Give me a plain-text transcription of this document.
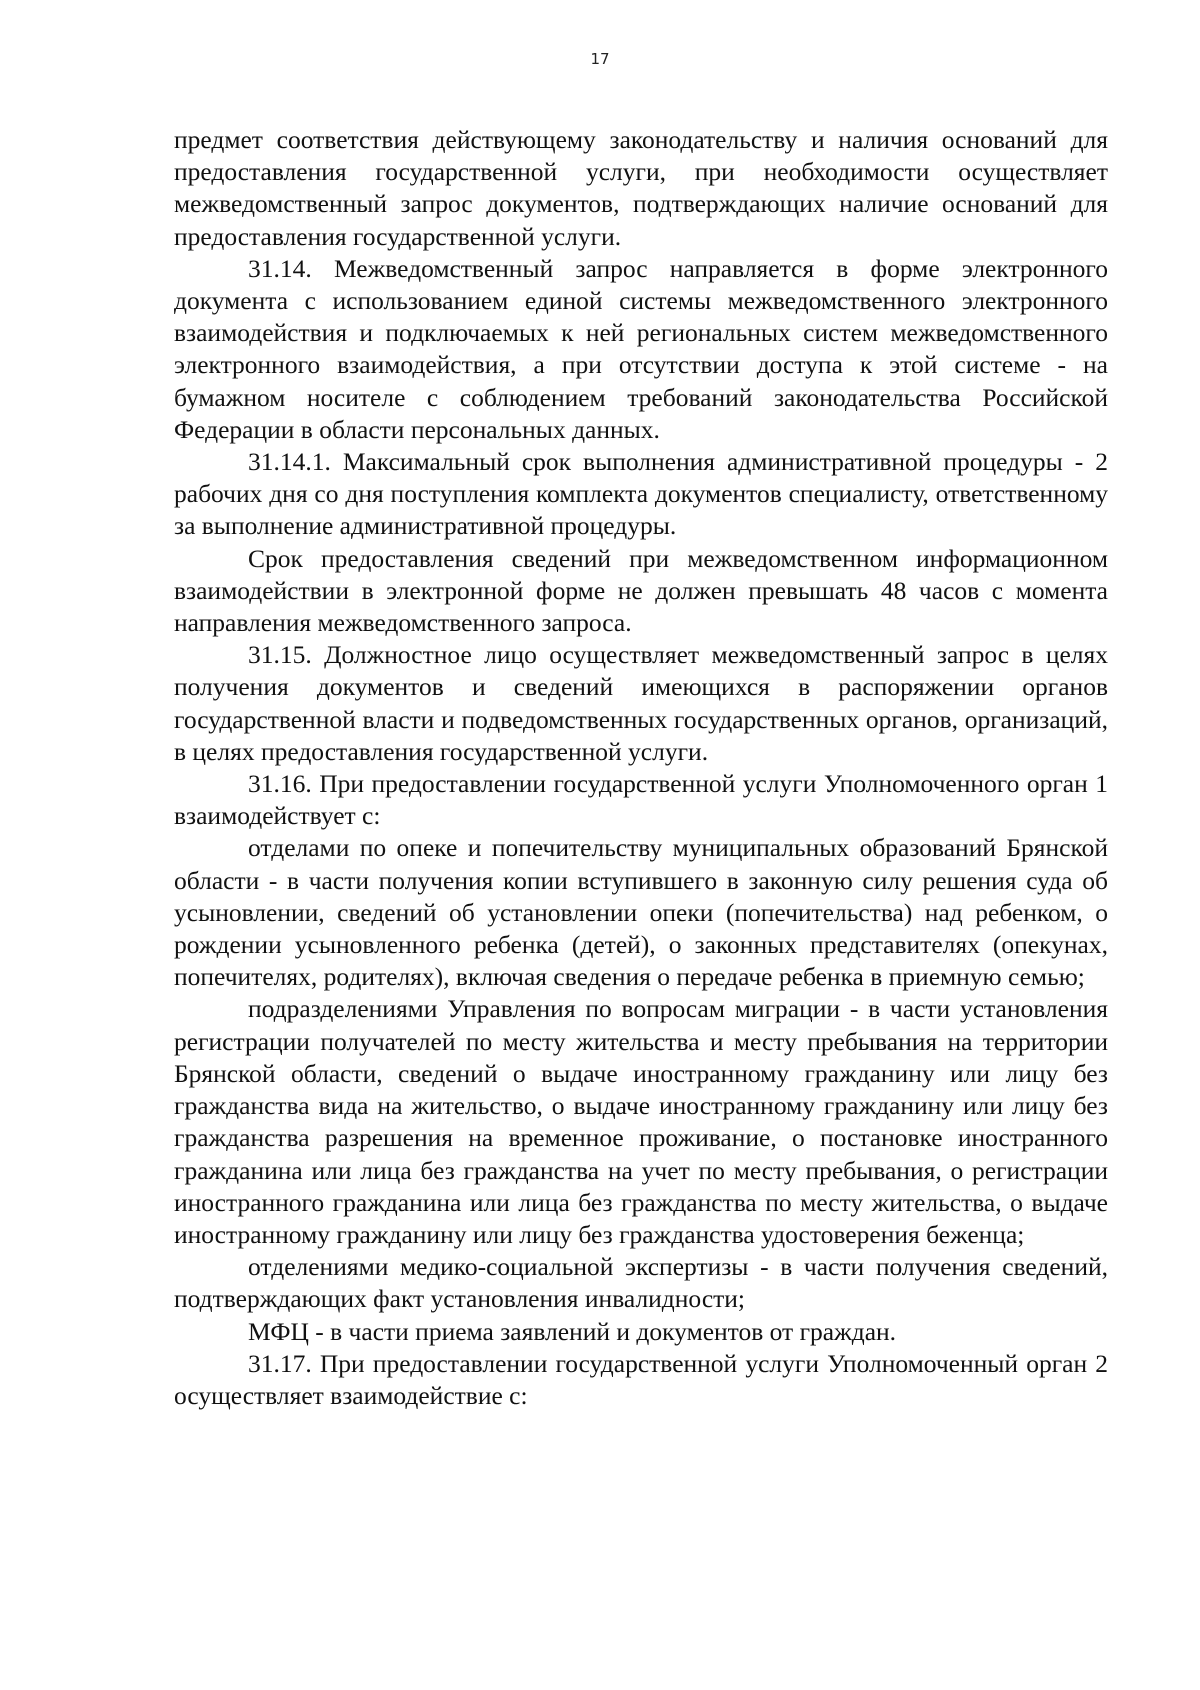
17

предмет соответствия действующему законодательству и наличия оснований для предоставления государственной услуги, при необходимости осуществляет межведомственный запрос документов, подтверждающих наличие оснований для предоставления государственной услуги.

31.14. Межведомственный запрос направляется в форме электронного документа с использованием единой системы межведомственного электронного взаимодействия и подключаемых к ней региональных систем межведомственного электронного взаимодействия, а при отсутствии доступа к этой системе - на бумажном носителе с соблюдением требований законодательства Российской Федерации в области персональных данных.

31.14.1. Максимальный срок выполнения административной процедуры - 2 рабочих дня со дня поступления комплекта документов специалисту, ответственному за выполнение административной процедуры.

Срок предоставления сведений при межведомственном информационном взаимодействии в электронной форме не должен превышать 48 часов с момента направления межведомственного запроса.

31.15. Должностное лицо осуществляет межведомственный запрос в целях получения документов и сведений имеющихся в распоряжении органов государственной власти и подведомственных государственных органов, организаций, в целях предоставления государственной услуги.

31.16. При предоставлении государственной услуги Уполномоченного орган 1 взаимодействует с:

отделами по опеке и попечительству муниципальных образований Брянской области - в части получения копии вступившего в законную силу решения суда об усыновлении, сведений об установлении опеки (попечительства) над ребенком, о рождении усыновленного ребенка (детей), о законных представителях (опекунах, попечителях, родителях), включая сведения о передаче ребенка в приемную семью;

подразделениями Управления по вопросам миграции - в части установления регистрации получателей по месту жительства и месту пребывания на территории Брянской области, сведений о выдаче иностранному гражданину или лицу без гражданства вида на жительство, о выдаче иностранному гражданину или лицу без гражданства разрешения на временное проживание, о постановке иностранного гражданина или лица без гражданства на учет по месту пребывания, о регистрации иностранного гражданина или лица без гражданства по месту жительства, о выдаче иностранному гражданину или лицу без гражданства удостоверения беженца;

отделениями медико-социальной экспертизы - в части получения сведений, подтверждающих факт установления инвалидности;

МФЦ - в части приема заявлений и документов от граждан.

31.17. При предоставлении государственной услуги Уполномоченный орган 2 осуществляет взаимодействие с:
